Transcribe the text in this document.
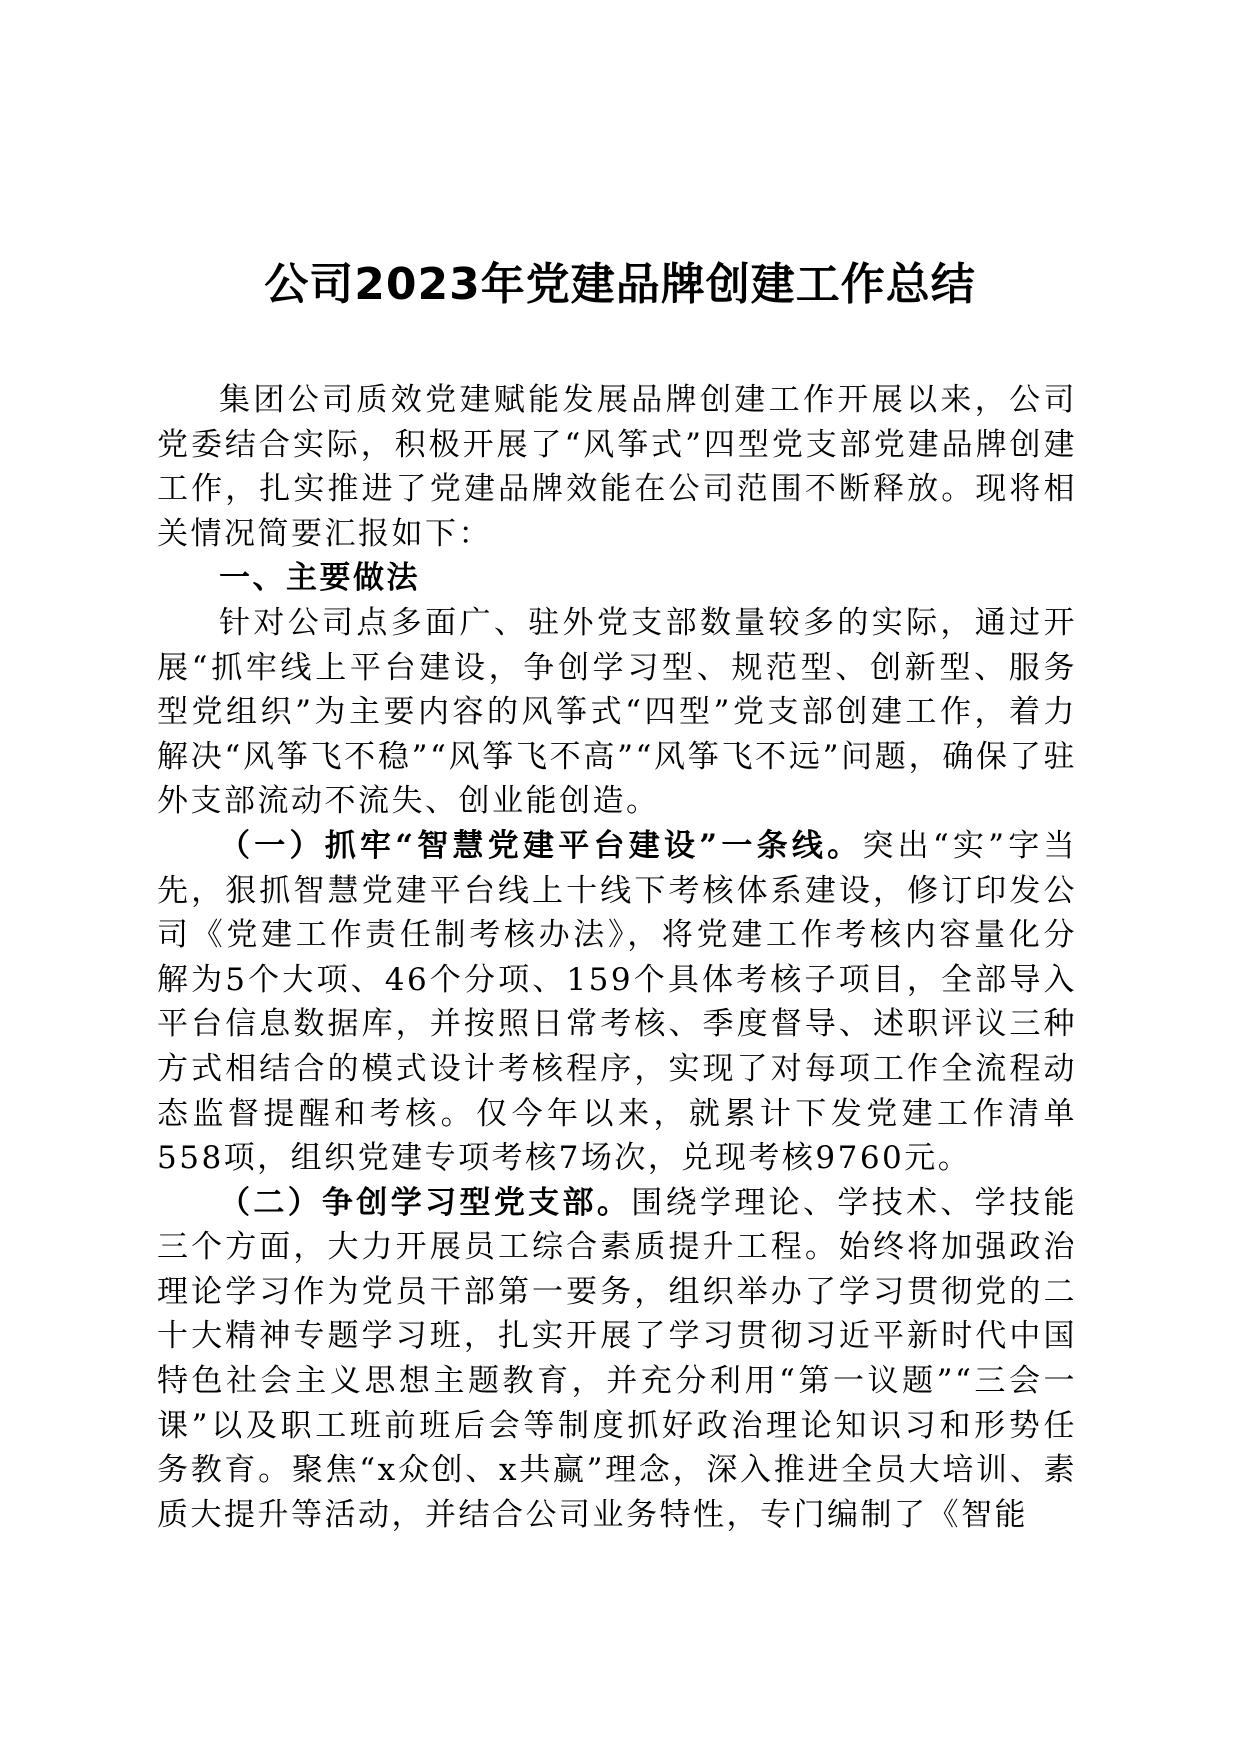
公司2023年党建品牌创建工作总结

集团公司质效党建赋能发展品牌创建工作开展以来，公司党委结合实际，积极开展了“风筝式”四型党支部党建品牌创建工作，扎实推进了党建品牌效能在公司范围不断释放。现将相关情况简要汇报如下：

一、主要做法

针对公司点多面广、驻外党支部数量较多的实际，通过开展“抓牢线上平台建设，争创学习型、规范型、创新型、服务型党组织”为主要内容的风筝式“四型”党支部创建工作，着力解决“风筝飞不稳”“风筝飞不高”“风筝飞不远”问题，确保了驻外支部流动不流失、创业能创造。

（一）抓牢“智慧党建平台建设”一条线。突出“实”字当先，狠抓智慧党建平台线上十线下考核体系建设，修订印发公司《党建工作责任制考核办法》，将党建工作考核内容量化分解为5个大项、46个分项、159个具体考核子项目，全部导入平台信息数据库，并按照日常考核、季度督导、述职评议三种方式相结合的模式设计考核程序，实现了对每项工作全流程动态监督提醒和考核。仅今年以来，就累计下发党建工作清单558项，组织党建专项考核7场次，兑现考核9760元。

（二）争创学习型党支部。围绕学理论、学技术、学技能三个方面，大力开展员工综合素质提升工程。始终将加强政治理论学习作为党员干部第一要务，组织举办了学习贯彻党的二十大精神专题学习班，扎实开展了学习贯彻习近平新时代中国特色社会主义思想主题教育，并充分利用“第一议题”“三会一课”以及职工班前班后会等制度抓好政治理论知识习和形势任务教育。聚焦“x众创、x共赢”理念，深入推进全员大培训、素质大提升等活动，并结合公司业务特性，专门编制了《智能
